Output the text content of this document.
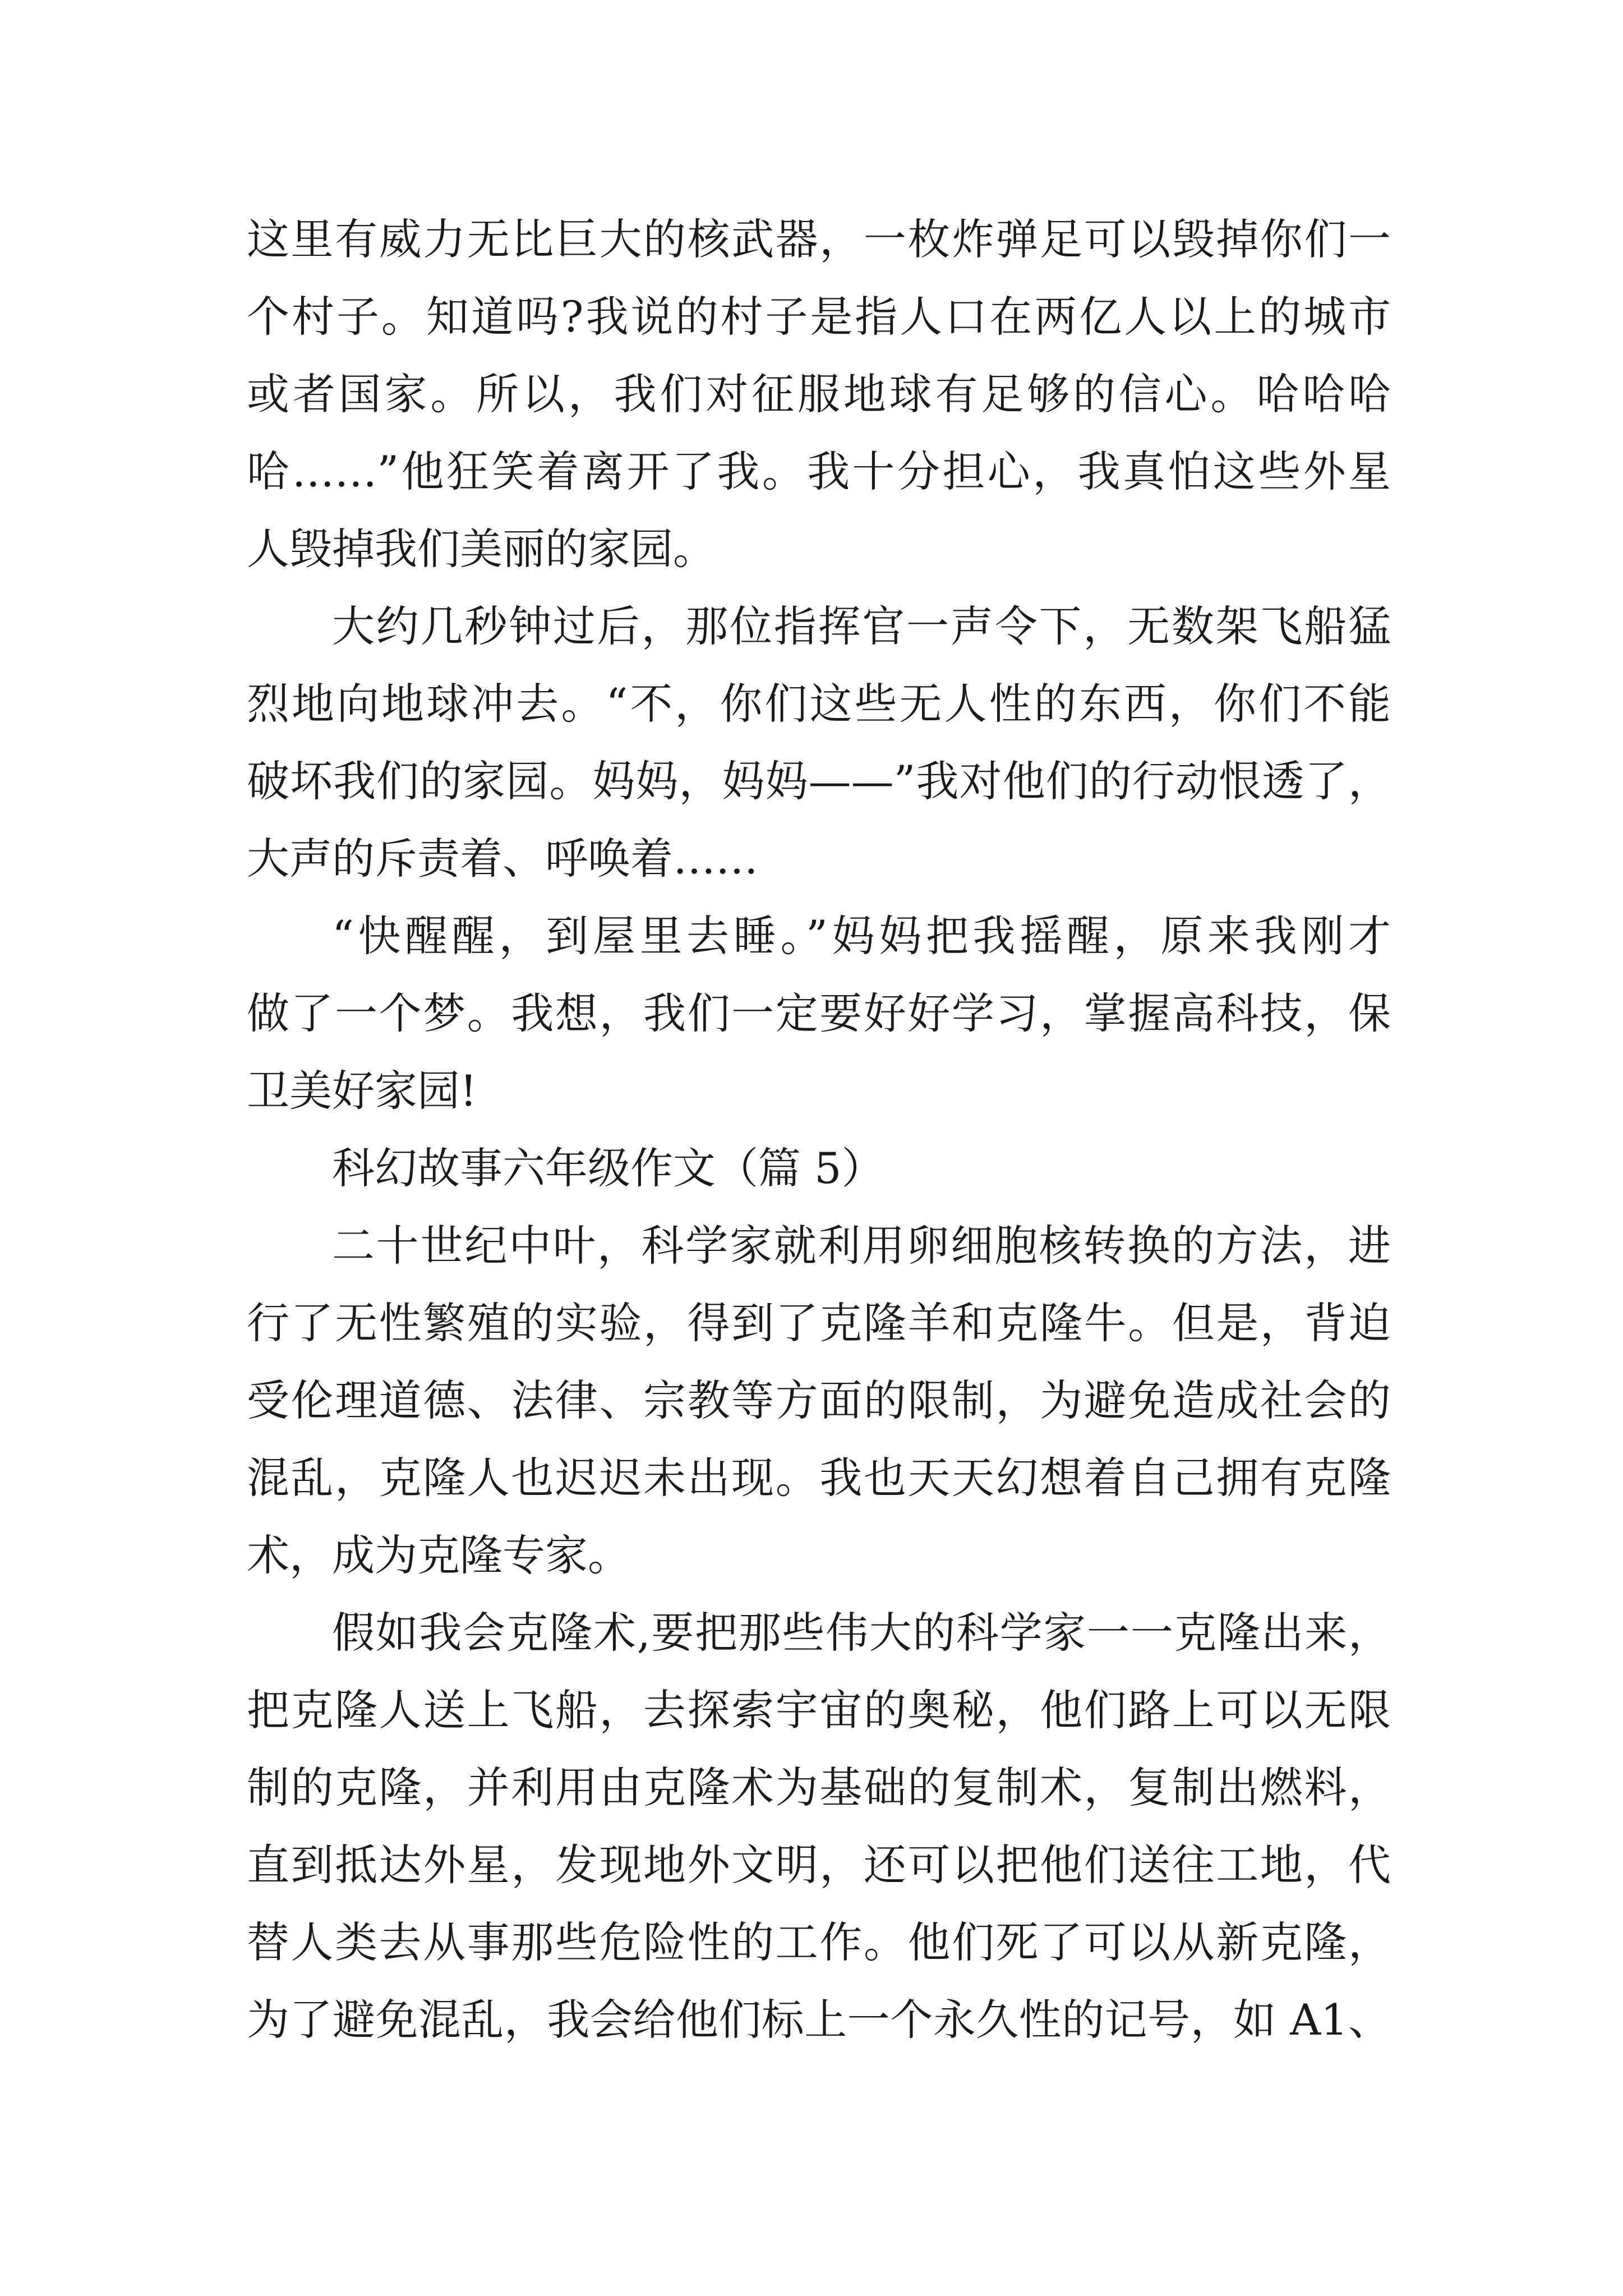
这里有威力无比巨大的核武器，一枚炸弹足可以毁掉你们一
个村子。知道吗?我说的村子是指人口在两亿人以上的城市
或者国家。所以，我们对征服地球有足够的信心。哈哈哈
哈……”他狂笑着离开了我。我十分担心，我真怕这些外星
人毁掉我们美丽的家园。
大约几秒钟过后，那位指挥官一声令下，无数架飞船猛
烈地向地球冲去。“不，你们这些无人性的东西，你们不能
破坏我们的家园。妈妈，妈妈——”我对他们的行动恨透了，
大声的斥责着、呼唤着……
“快醒醒，到屋里去睡。”妈妈把我摇醒，原来我刚才
做了一个梦。我想，我们一定要好好学习，掌握高科技，保
卫美好家园!
科幻故事六年级作文（篇 5）
二十世纪中叶，科学家就利用卵细胞核转换的方法，进
行了无性繁殖的实验，得到了克隆羊和克隆牛。但是，背迫
受伦理道德、法律、宗教等方面的限制，为避免造成社会的
混乱，克隆人也迟迟未出现。我也天天幻想着自己拥有克隆
术，成为克隆专家。
假如我会克隆术,要把那些伟大的科学家一一克隆出来，
把克隆人送上飞船，去探索宇宙的奥秘，他们路上可以无限
制的克隆，并利用由克隆术为基础的复制术，复制出燃料，
直到抵达外星，发现地外文明，还可以把他们送往工地，代
替人类去从事那些危险性的工作。他们死了可以从新克隆，
为了避免混乱，我会给他们标上一个永久性的记号，如 A1、
